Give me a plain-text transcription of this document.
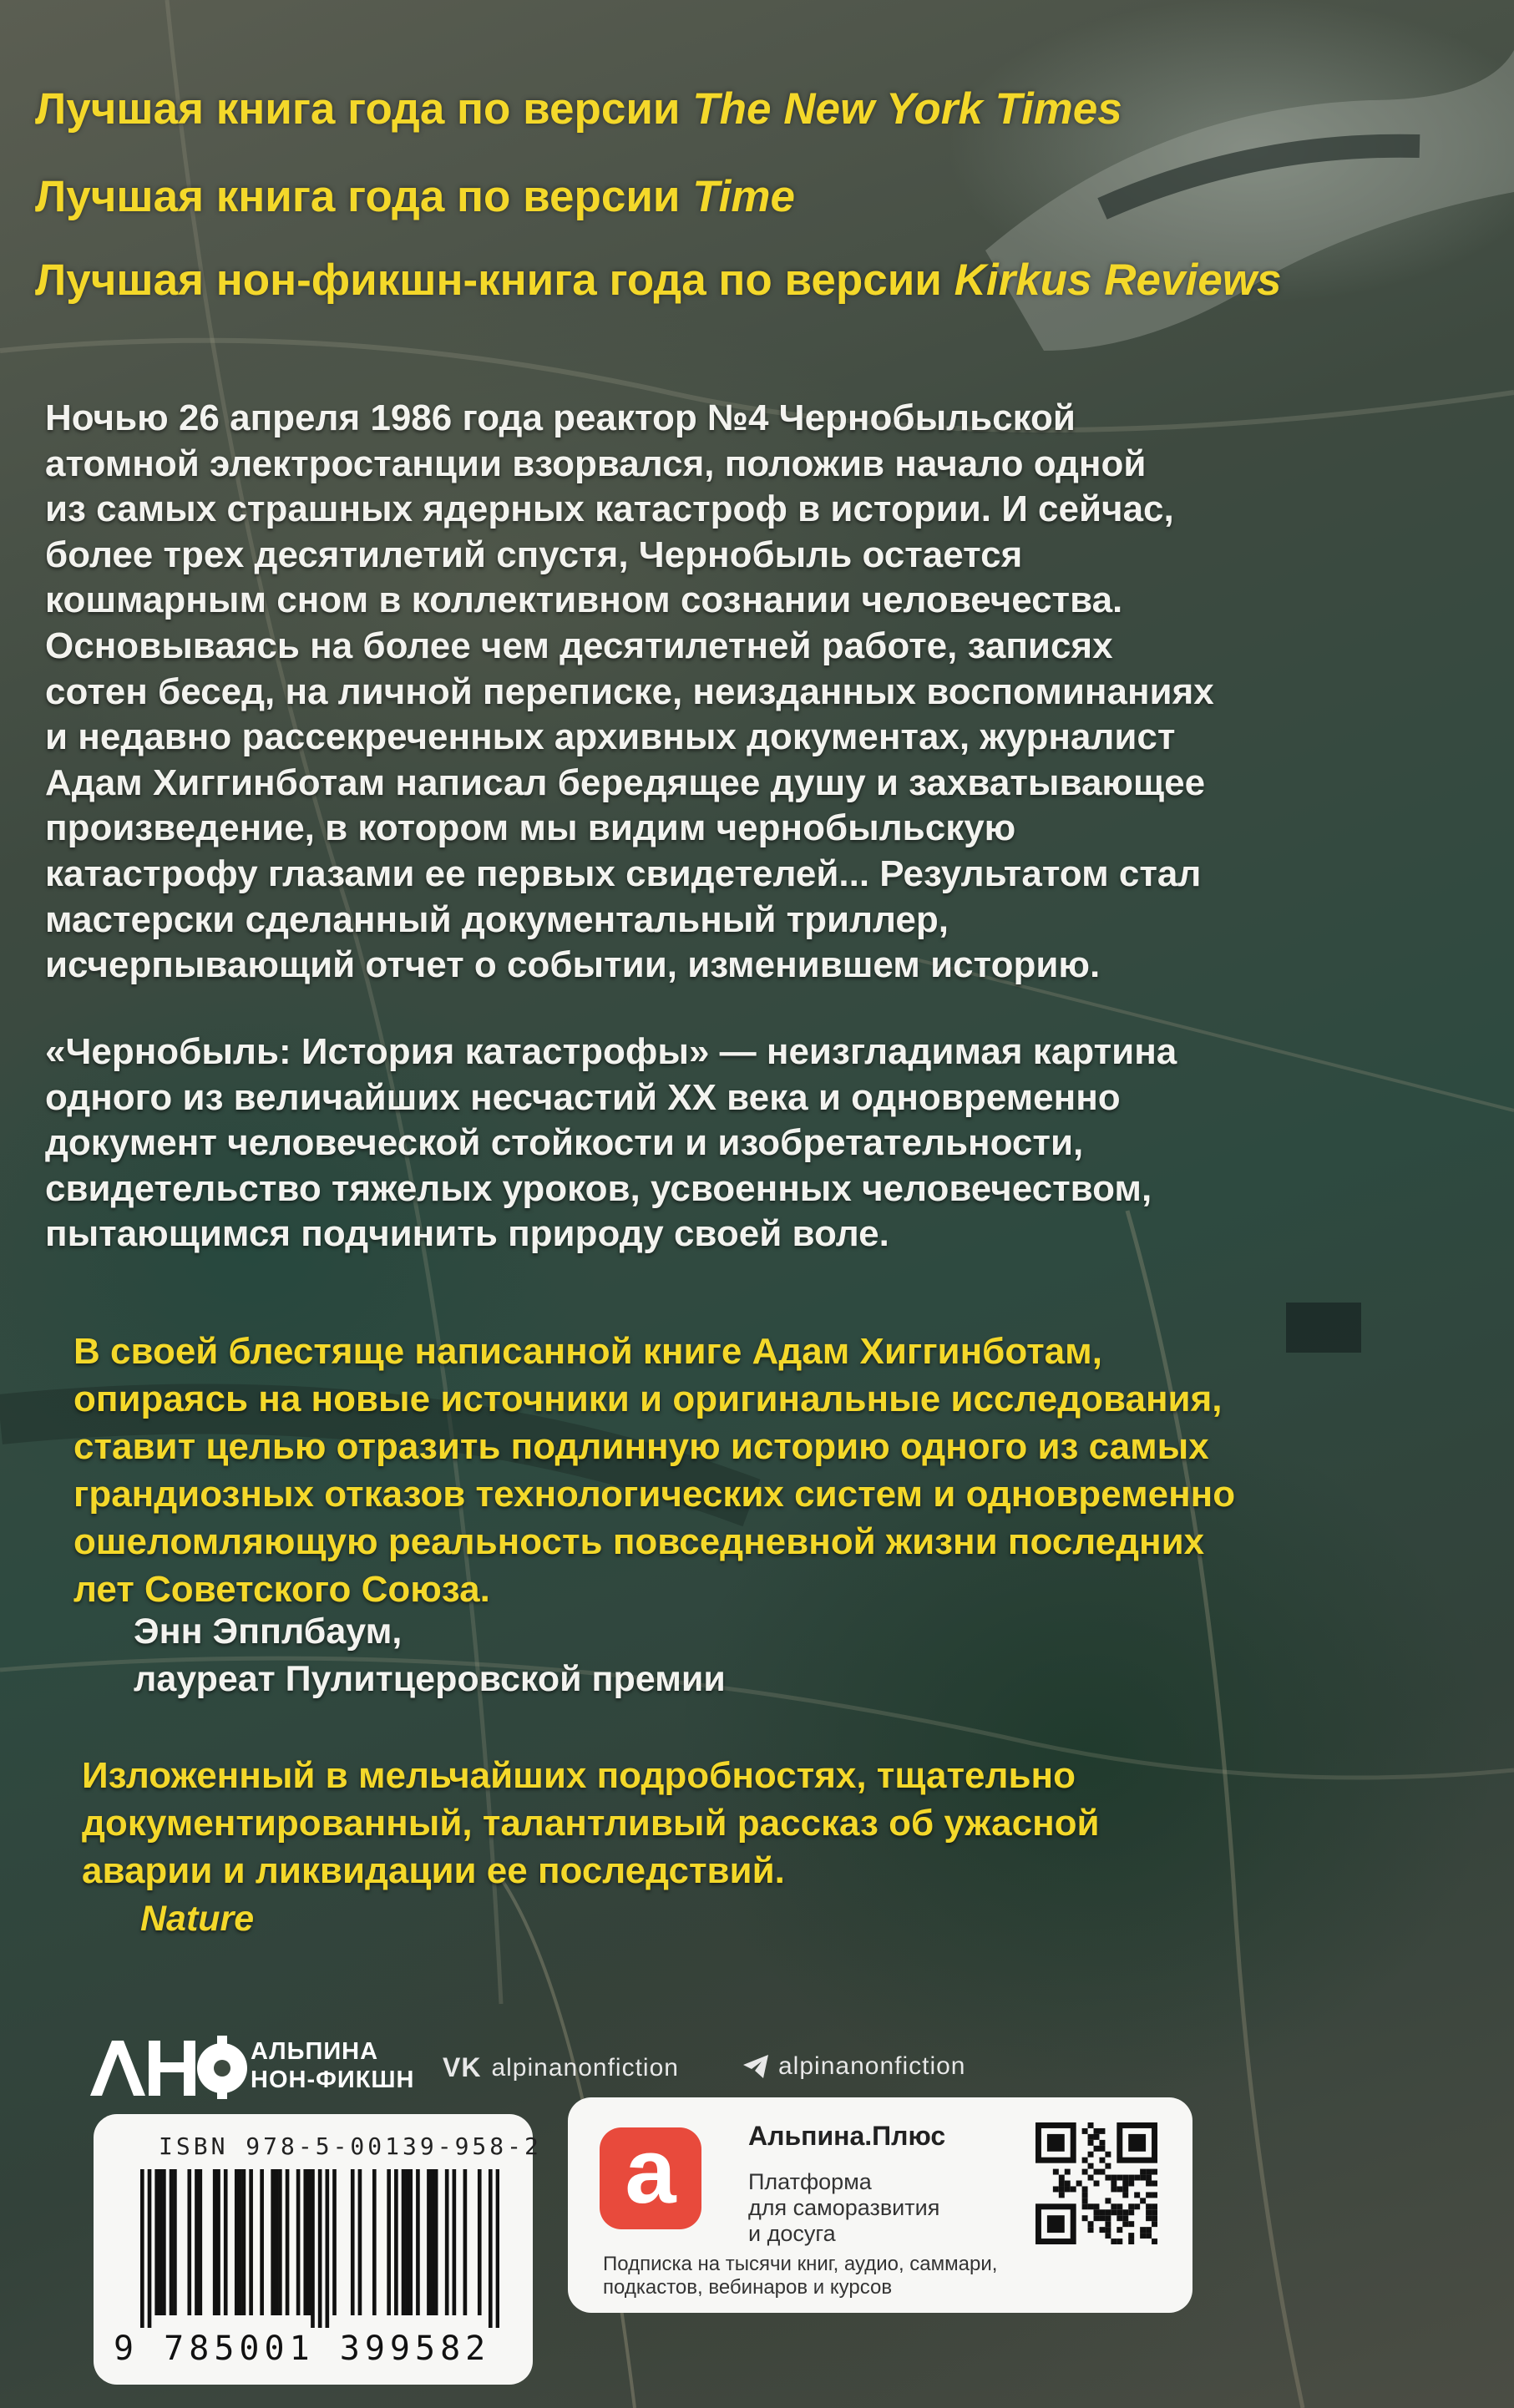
Лучшая книга года по версии The New York Times
Лучшая книга года по версии Time
Лучшая нон-фикшн-книга года по версии Kirkus Reviews

Ночью 26 апреля 1986 года реактор №4 Чернобыльской

атомной электростанции взорвался, положив начало одной

из самых страшных ядерных катастроф в истории. И сейчас,

более трех десятилетий спустя, Чернобыль остается

кошмарным сном в коллективном сознании человечества.

Основываясь на более чем десятилетней работе, записях

сотен бесед, на личной переписке, неизданных воспоминаниях

и недавно рассекреченных архивных документах, журналист

Адам Хиггинботам написал бередящее душу и захватывающее

произведение, в котором мы видим чернобыльскую

катастрофу глазами ее первых свидетелей... Результатом стал

мастерски сделанный документальный триллер,

исчерпывающий отчет о событии, изменившем историю.

«Чернобыль: История катастрофы» — неизгладимая картина

одного из величайших несчастий XX века и одновременно

документ человеческой стойкости и изобретательности,

свидетельство тяжелых уроков, усвоенных человечеством,

пытающимся подчинить природу своей воле.

В своей блестяще написанной книге Адам Хиггинботам,

опираясь на новые источники и оригинальные исследования,

ставит целью отразить подлинную историю одного из самых

грандиозных отказов технологических систем и одновременно

ошеломляющую реальность повседневной жизни последних

лет Советского Союза.

Энн Эпплбаум,
лауреат Пулитцеровской премии

Изложенный в мельчайших подробностях, тщательно

документированный, талантливый рассказ об ужасной

аварии и ликвидации ее последствий.

Nature
АЛЬПИНА
НОН-ФИКШН VK alpinanonfiction	alpinanonfiction
ISBN 978-5-00139-958-2
9 785001 399582
a	Альпина.Плюс
Платформа
для саморазвития
и досуга
Подписка на тысячи книг, аудио, саммари,
подкастов, вебинаров и курсов
